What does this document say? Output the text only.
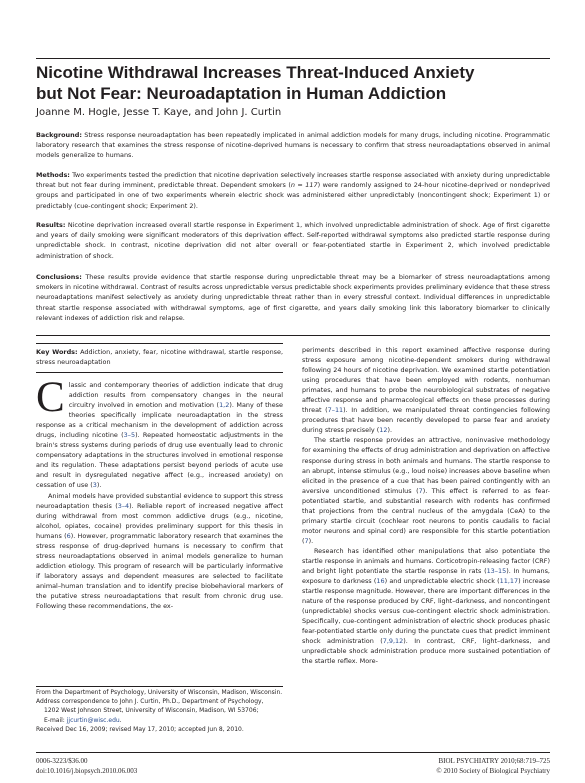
Nicotine Withdrawal Increases Threat-Induced Anxiety
but Not Fear: Neuroadaptation in Human Addiction
Joanne M. Hogle, Jesse T. Kaye, and John J. Curtin
Background: Stress response neuroadaptation has been repeatedly implicated in animal addiction models for many drugs, including nicotine. Programmatic laboratory research that examines the stress response of nicotine-deprived humans is necessary to confirm that stress neuroadaptations observed in animal models generalize to humans.
Methods: Two experiments tested the prediction that nicotine deprivation selectively increases startle response associated with anxiety during unpredictable threat but not fear during imminent, predictable threat. Dependent smokers (n = 117) were randomly assigned to 24-hour nicotine-deprived or nondeprived groups and participated in one of two experiments wherein electric shock was administered either unpredictably (noncontingent shock; Experiment 1) or predictably (cue-contingent shock; Experiment 2).
Results: Nicotine deprivation increased overall startle response in Experiment 1, which involved unpredictable administration of shock. Age of first cigarette and years of daily smoking were significant moderators of this deprivation effect. Self-reported withdrawal symptoms also predicted startle response during unpredictable shock. In contrast, nicotine deprivation did not alter overall or fear-potentiated startle in Experiment 2, which involved predictable administration of shock.
Conclusions: These results provide evidence that startle response during unpredictable threat may be a biomarker of stress neuroadaptations among smokers in nicotine withdrawal. Contrast of results across unpredictable versus predictable shock experiments provides preliminary evidence that these stress neuroadaptations manifest selectively as anxiety during unpredictable threat rather than in every stressful context. Individual differences in unpredictable threat startle response associated with withdrawal symptoms, age of first cigarette, and years daily smoking link this laboratory biomarker to clinically relevant indexes of addiction risk and relapse.
Key Words: Addiction, anxiety, fear, nicotine withdrawal, startle response, stress neuroadaptation

Classic and contemporary theories of addiction indicate that drug addiction results from compensatory changes in the neural circuitry involved in emotion and motivation (1,2). Many of these theories specifically implicate neuroadaptation in the stress response as a critical mechanism in the development of addiction across drugs, including nicotine (3–5). Repeated homeostatic adjustments in the brain's stress systems during periods of drug use eventually lead to chronic compensatory adaptations in the structures involved in emotional response and its regulation. These adaptations persist beyond periods of acute use and result in dysregulated negative affect (e.g., increased anxiety) on cessation of use (3).

Animal models have provided substantial evidence to support this stress neuroadaptation thesis (3–4). Reliable report of increased negative affect during withdrawal from most common addictive drugs (e.g., nicotine, alcohol, opiates, cocaine) provides preliminary support for this thesis in humans (6). However, programmatic laboratory research that examines the stress response of drug-deprived humans is necessary to confirm that stress neuroadaptations observed in animal models generalize to human addiction etiology. This program of research will be particularly informative if laboratory assays and dependent measures are selected to facilitate animal–human translation and to identify precise biobehavioral markers of the putative stress neuroadaptations that result from chronic drug use. Following these recommendations, the ex-

periments described in this report examined affective response during stress exposure among nicotine-dependent smokers during withdrawal following 24 hours of nicotine deprivation. We examined startle potentiation using procedures that have been employed with rodents, nonhuman primates, and humans to probe the neurobiological substrates of negative affective response and pharmacological effects on these processes during threat (7–11). In addition, we manipulated threat contingencies following procedures that have been recently developed to parse fear and anxiety during stress precisely (12).

The startle response provides an attractive, noninvasive methodology for examining the effects of drug administration and deprivation on affective response during stress in both animals and humans. The startle response to an abrupt, intense stimulus (e.g., loud noise) increases above baseline when elicited in the presence of a cue that has been paired contingently with an aversive unconditioned stimulus (7). This effect is referred to as fear-potentiated startle, and substantial research with rodents has confirmed that projections from the central nucleus of the amygdala (CeA) to the primary startle circuit (cochlear root neurons to pontis caudalis to facial motor neurons and spinal cord) are responsible for this startle potentiation (7).

Research has identified other manipulations that also potentiate the startle response in animals and humans. Corticotropin-releasing factor (CRF) and bright light potentiate the startle response in rats (13–15). In humans, exposure to darkness (16) and unpredictable electric shock (11,17) increase startle response magnitude. However, there are important differences in the nature of the response produced by CRF, light–darkness, and noncontingent (unpredictable) shocks versus cue-contingent electric shock administration. Specifically, cue-contingent administration of electric shock produces phasic fear-potentiated startle only during the punctate cues that predict imminent shock administration (7,9,12). In contrast, CRF, light–darkness, and unpredictable shock administration produce more sustained potentiation of the startle reflex. More-

From the Department of Psychology, University of Wisconsin, Madison, Wisconsin.

Address correspondence to John J. Curtin, Ph.D., Department of Psychology,

1202 West Johnson Street, University of Wisconsin, Madison, WI 53706;

E-mail: jjcurtin@wisc.edu.

Received Dec 16, 2009; revised May 17, 2010; accepted Jun 8, 2010.

0006-3223/$36.00
doi:10.1016/j.biopsych.2010.06.003
BIOL PSYCHIATRY 2010;68:719–725
© 2010 Society of Biological Psychiatry
